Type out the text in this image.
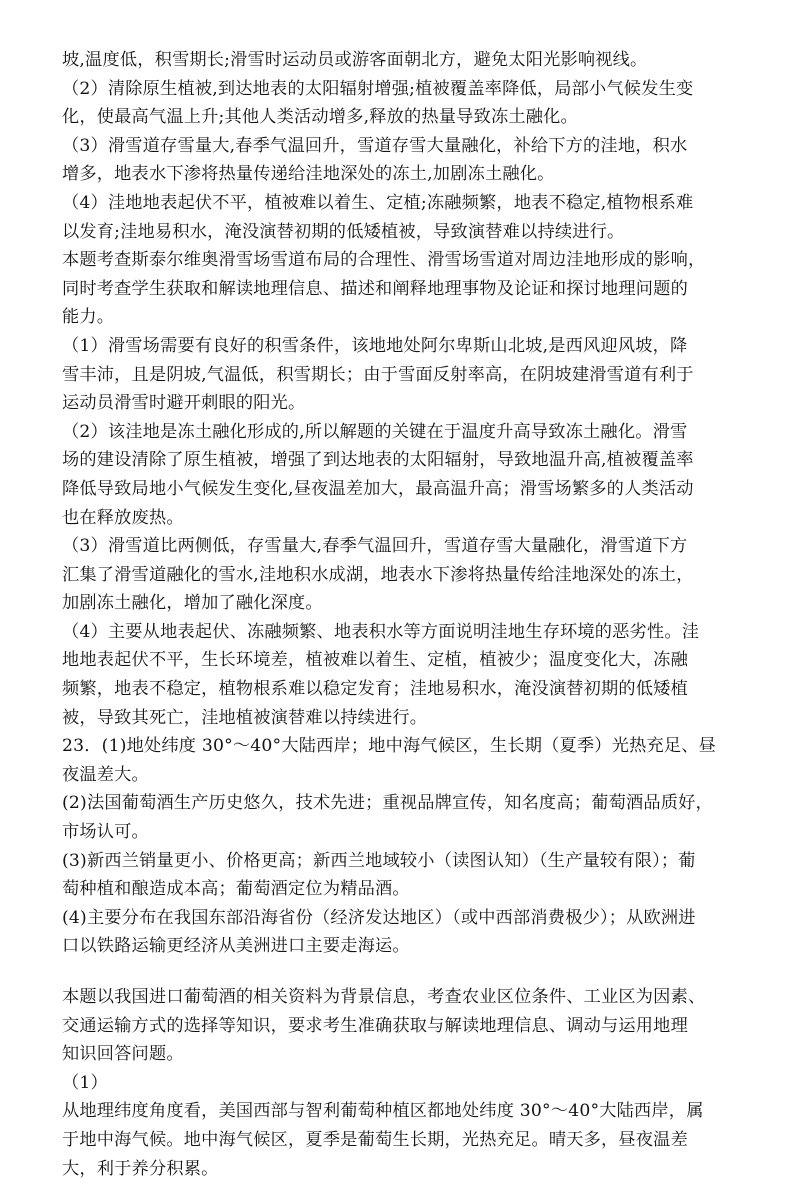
坡,温度低，积雪期长;滑雪时运动员或游客面朝北方，避免太阳光影响视线。
（2）清除原生植被,到达地表的太阳辐射增强;植被覆盖率降低，局部小气候发生变
化，使最高气温上升;其他人类活动增多,释放的热量导致冻土融化。
（3）滑雪道存雪量大,春季气温回升，雪道存雪大量融化，补给下方的洼地，积水
增多，地表水下渗将热量传递给洼地深处的冻土,加剧冻土融化。
（4）洼地地表起伏不平，植被难以着生、定植;冻融频繁，地表不稳定,植物根系难
以发育;洼地易积水，淹没演替初期的低矮植被，导致演替难以持续进行。
本题考查斯泰尔维奥滑雪场雪道布局的合理性、滑雪场雪道对周边洼地形成的影响，
同时考查学生获取和解读地理信息、描述和阐释地理事物及论证和探讨地理问题的
能力。
（1）滑雪场需要有良好的积雪条件，该地地处阿尔卑斯山北坡,是西风迎风坡，降
雪丰沛，且是阴坡,气温低，积雪期长；由于雪面反射率高，在阴坡建滑雪道有利于
运动员滑雪时避开刺眼的阳光。
（2）该洼地是冻土融化形成的,所以解题的关键在于温度升高导致冻土融化。滑雪
场的建设清除了原生植被，增强了到达地表的太阳辐射，导致地温升高,植被覆盖率
降低导致局地小气候发生变化,昼夜温差加大，最高温升高；滑雪场繁多的人类活动
也在释放废热。
（3）滑雪道比两侧低，存雪量大,春季气温回升，雪道存雪大量融化，滑雪道下方
汇集了滑雪道融化的雪水,洼地积水成湖，地表水下渗将热量传给洼地深处的冻土，
加剧冻土融化，增加了融化深度。
（4）主要从地表起伏、冻融频繁、地表积水等方面说明洼地生存环境的恶劣性。洼
地地表起伏不平，生长环境差，植被难以着生、定植，植被少；温度变化大，冻融
频繁，地表不稳定，植物根系难以稳定发育；洼地易积水，淹没演替初期的低矮植
被，导致其死亡，洼地植被演替难以持续进行。
23．(1)地处纬度 30°～40°大陆西岸；地中海气候区，生长期（夏季）光热充足、昼
夜温差大。
(2)法国葡萄酒生产历史悠久，技术先进；重视品牌宣传，知名度高；葡萄酒品质好，
市场认可。
(3)新西兰销量更小、价格更高；新西兰地域较小（读图认知）（生产量较有限）；葡
萄种植和酿造成本高；葡萄酒定位为精品酒。
(4)主要分布在我国东部沿海省份（经济发达地区）（或中西部消费极少）；从欧洲进
口以铁路运输更经济从美洲进口主要走海运。
本题以我国进口葡萄酒的相关资料为背景信息，考查农业区位条件、工业区为因素、
交通运输方式的选择等知识，要求考生准确获取与解读地理信息、调动与运用地理
知识回答问题。
（1）
从地理纬度角度看，美国西部与智利葡萄种植区都地处纬度 30°～40°大陆西岸，属
于地中海气候。地中海气候区，夏季是葡萄生长期，光热充足。晴天多，昼夜温差
大，利于养分积累。
